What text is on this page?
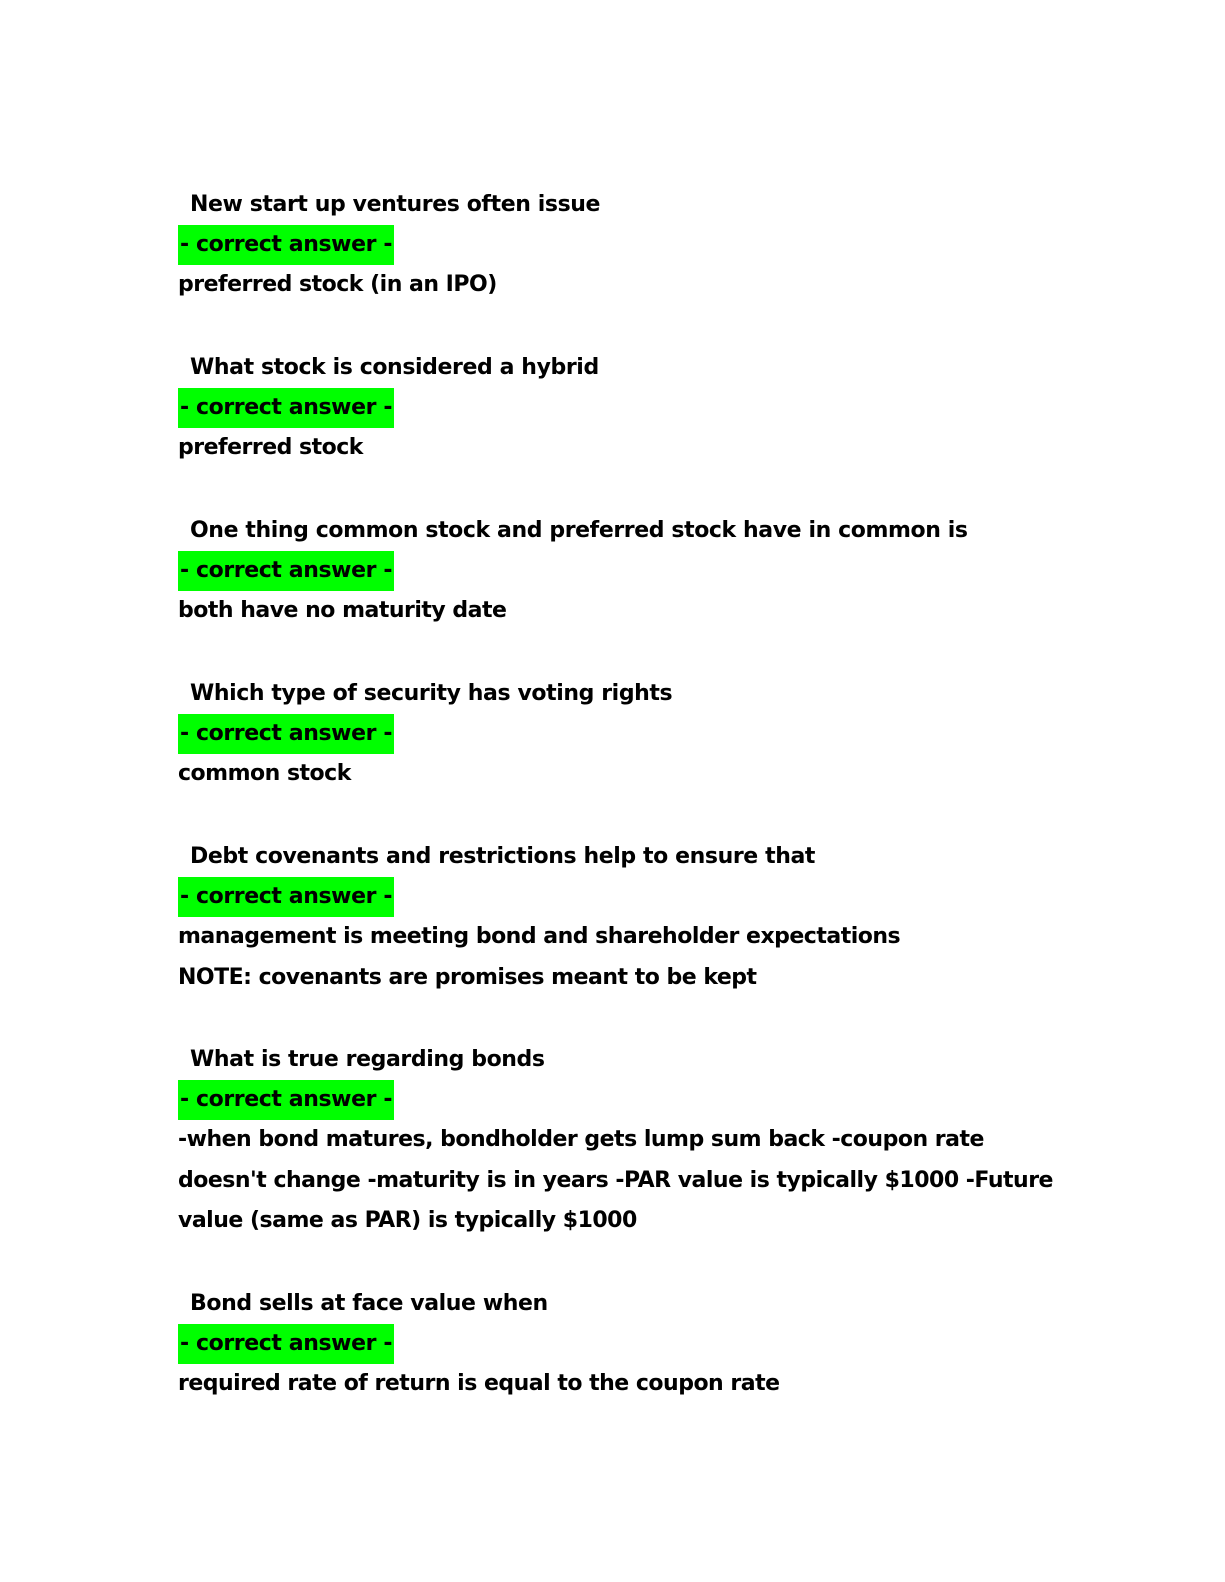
New start up ventures often issue
- correct answer -
preferred stock (in an IPO)
What stock is considered a hybrid
- correct answer -
preferred stock
One thing common stock and preferred stock have in common is
- correct answer -
both have no maturity date
Which type of security has voting rights
- correct answer -
common stock
Debt covenants and restrictions help to ensure that
- correct answer -
management is meeting bond and shareholder expectations NOTE: covenants are promises meant to be kept
What is true regarding bonds
- correct answer -
-when bond matures, bondholder gets lump sum back -coupon rate doesn't change -maturity is in years -PAR value is typically $1000 -Future value (same as PAR) is typically $1000
Bond sells at face value when
- correct answer -
required rate of return is equal to the coupon rate
